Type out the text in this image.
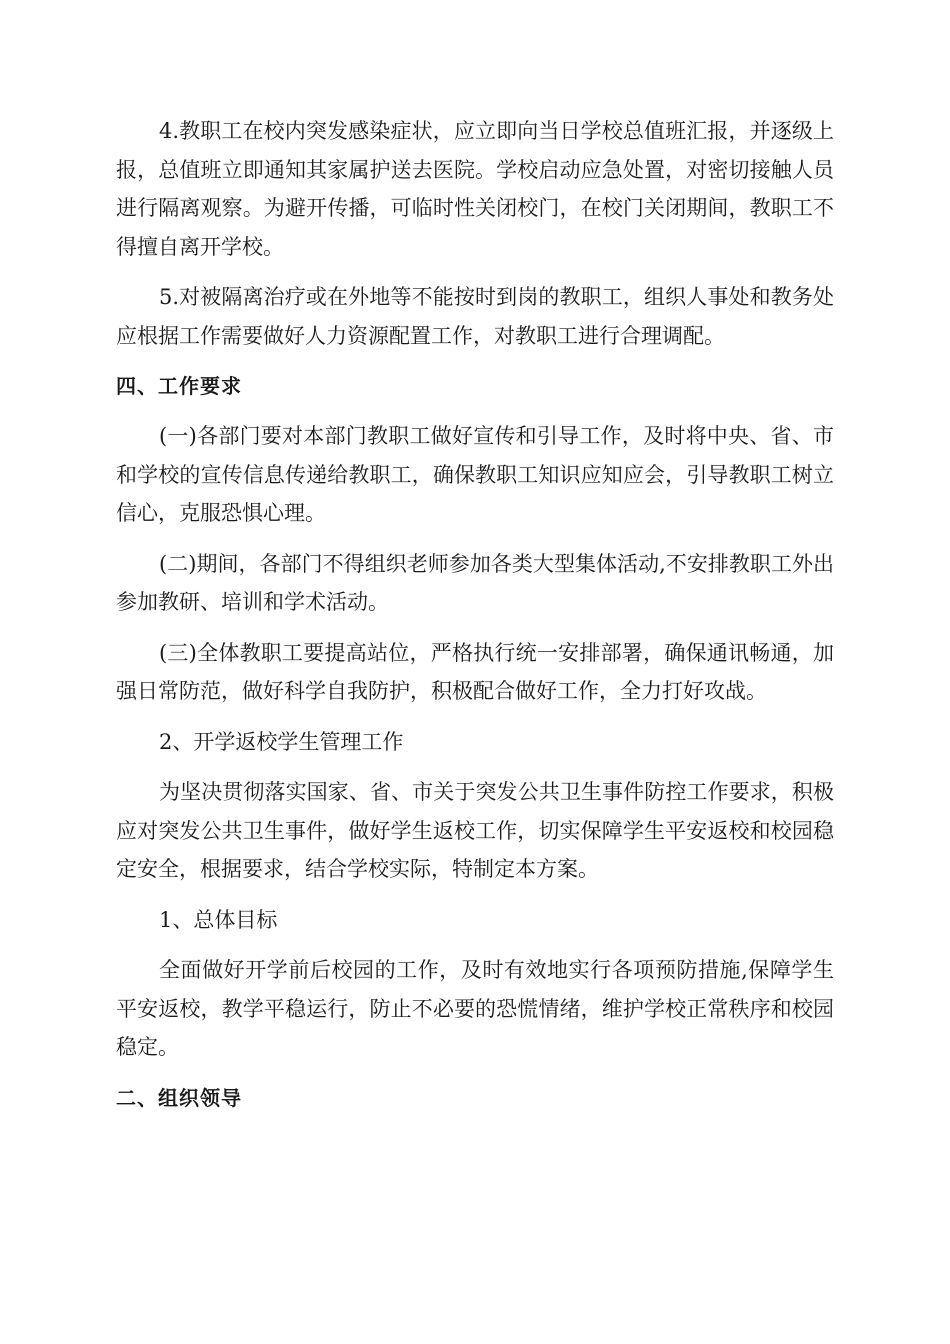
4.教职工在校内突发感染症状，应立即向当日学校总值班汇报，并逐级上报，总值班立即通知其家属护送去医院。学校启动应急处置，对密切接触人员进行隔离观察。为避开传播，可临时性关闭校门，在校门关闭期间，教职工不得擅自离开学校。

5.对被隔离治疗或在外地等不能按时到岗的教职工，组织人事处和教务处应根据工作需要做好人力资源配置工作，对教职工进行合理调配。

四、工作要求

(一)各部门要对本部门教职工做好宣传和引导工作，及时将中央、省、市和学校的宣传信息传递给教职工，确保教职工知识应知应会，引导教职工树立信心，克服恐惧心理。

(二)期间，各部门不得组织老师参加各类大型集体活动,不安排教职工外出参加教研、培训和学术活动。

(三)全体教职工要提高站位，严格执行统一安排部署，确保通讯畅通，加强日常防范，做好科学自我防护，积极配合做好工作，全力打好攻战。

2、开学返校学生管理工作

为坚决贯彻落实国家、省、市关于突发公共卫生事件防控工作要求，积极应对突发公共卫生事件，做好学生返校工作，切实保障学生平安返校和校园稳定安全，根据要求，结合学校实际，特制定本方案。

1、总体目标

全面做好开学前后校园的工作，及时有效地实行各项预防措施,保障学生平安返校，教学平稳运行，防止不必要的恐慌情绪，维护学校正常秩序和校园稳定。

二、组织领导
